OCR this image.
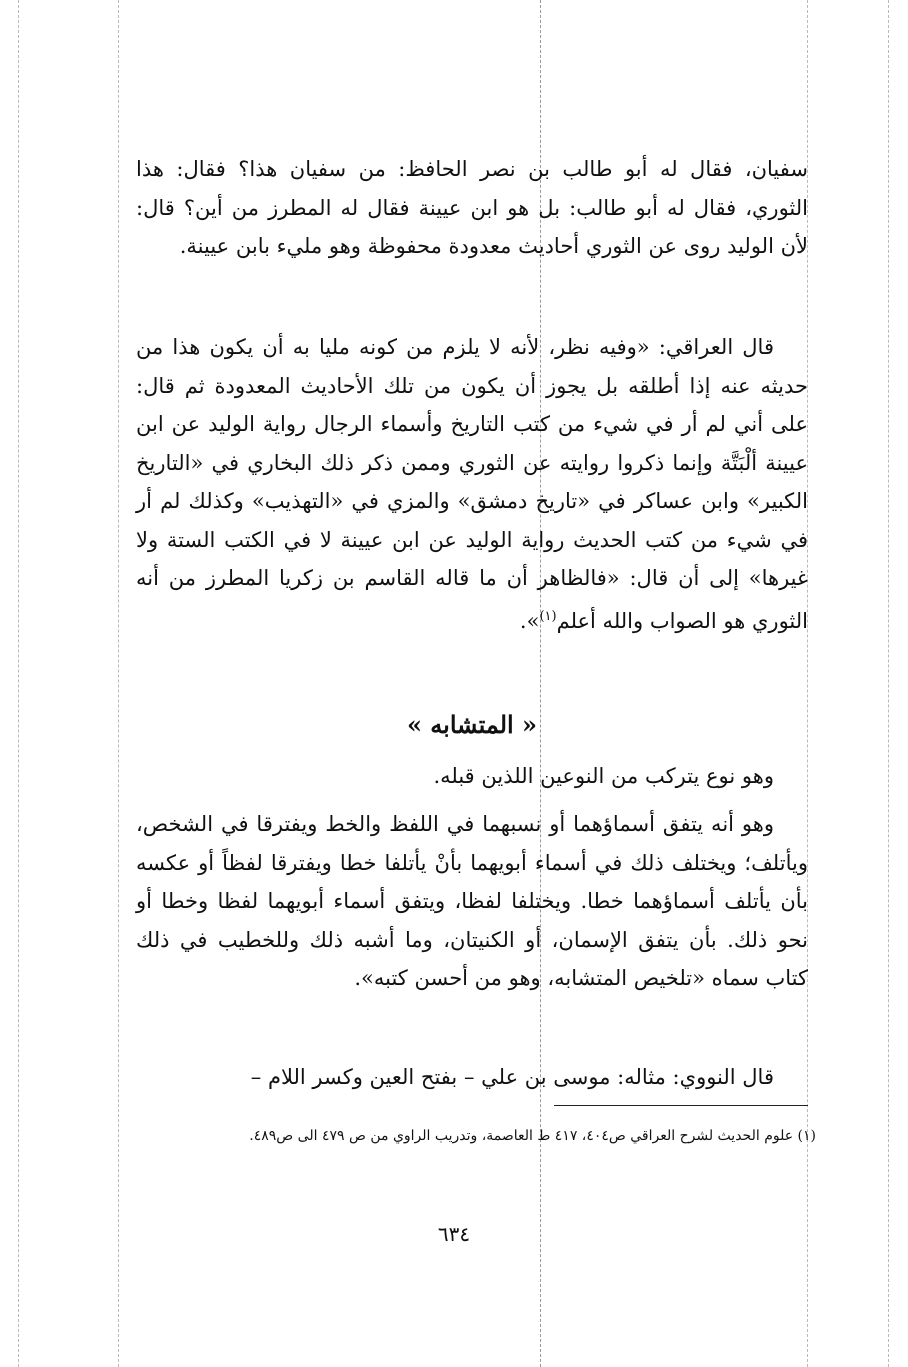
سفيان، فقال له أبو طالب بن نصر الحافظ: من سفيان هذا؟ فقال: هذا الثوري، فقال له أبو طالب: بل هو ابن عيينة فقال له المطرز من أين؟ قال: لأن الوليد روى عن الثوري أحاديث معدودة محفوظة وهو مليء بابن عيينة.

قال العراقي: «وفيه نظر، لأنه لا يلزم من كونه مليا به أن يكون هذا من حديثه عنه إذا أطلقه بل يجوز أن يكون من تلك الأحاديث المعدودة ثم قال: على أني لم أر في شيء من كتب التاريخ وأسماء الرجال رواية الوليد عن ابن عيينة ألْبَتَّة وإنما ذكروا روايته عن الثوري وممن ذكر ذلك البخاري في «التاريخ الكبير» وابن عساكر في «تاريخ دمشق» والمزي في «التهذيب» وكذلك لم أر في شيء من كتب الحديث رواية الوليد عن ابن عيينة لا في الكتب الستة ولا غيرها» إلى أن قال: «فالظاهر أن ما قاله القاسم بن زكريا المطرز من أنه الثوري هو الصواب والله أعلم$^{(١)}$».

« المتشابه »

وهو نوع يتركب من النوعين اللذين قبله.

وهو أنه يتفق أسماؤهما أو نسبهما في اللفظ والخط ويفترقا في الشخص، ويأتلف؛ ويختلف ذلك في أسماء أبويهما بأنْ يأتلفا خطا ويفترقا لفظاً أو عكسه بأن يأتلف أسماؤهما خطا. ويختلفا لفظا، ويتفق أسماء أبويهما لفظا وخطا أو نحو ذلك. بأن يتفق الإسمان، أو الكنيتان، وما أشبه ذلك وللخطيب في ذلك كتاب سماه «تلخيص المتشابه، وهو من أحسن كتبه».

قال النووي: مثاله: موسى بن علي – بفتح العين وكسر اللام –

(١) علوم الحديث لشرح العراقي ص٤٠٤، ٤١٧ ط العاصمة، وتدريب الراوي من ص ٤٧٩ الى ص٤٨٩.

٦٣٤
